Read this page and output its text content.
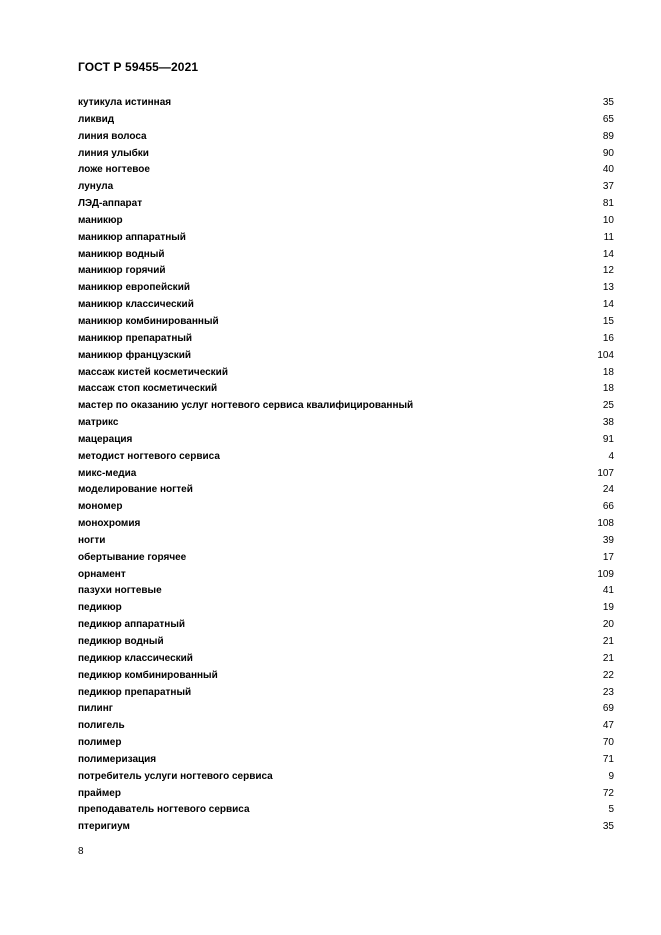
ГОСТ Р 59455—2021
кутикула истинная	35
ликвид	65
линия волоса	89
линия улыбки	90
ложе ногтевое	40
лунула	37
ЛЭД-аппарат	81
маникюр	10
маникюр аппаратный	11
маникюр водный	14
маникюр горячий	12
маникюр европейский	13
маникюр классический	14
маникюр комбинированный	15
маникюр препаратный	16
маникюр французский	104
массаж кистей косметический	18
массаж стоп косметический	18
мастер по оказанию услуг ногтевого сервиса квалифицированный	25
матрикс	38
мацерация	91
методист ногтевого сервиса	4
микс-медиа	107
моделирование ногтей	24
мономер	66
монохромия	108
ногти	39
обертывание горячее	17
орнамент	109
пазухи ногтевые	41
педикюр	19
педикюр аппаратный	20
педикюр водный	21
педикюр классический	21
педикюр комбинированный	22
педикюр препаратный	23
пилинг	69
полигель	47
полимер	70
полимеризация	71
потребитель услуги ногтевого сервиса	9
праймер	72
преподаватель ногтевого сервиса	5
птеригиум	35
8
